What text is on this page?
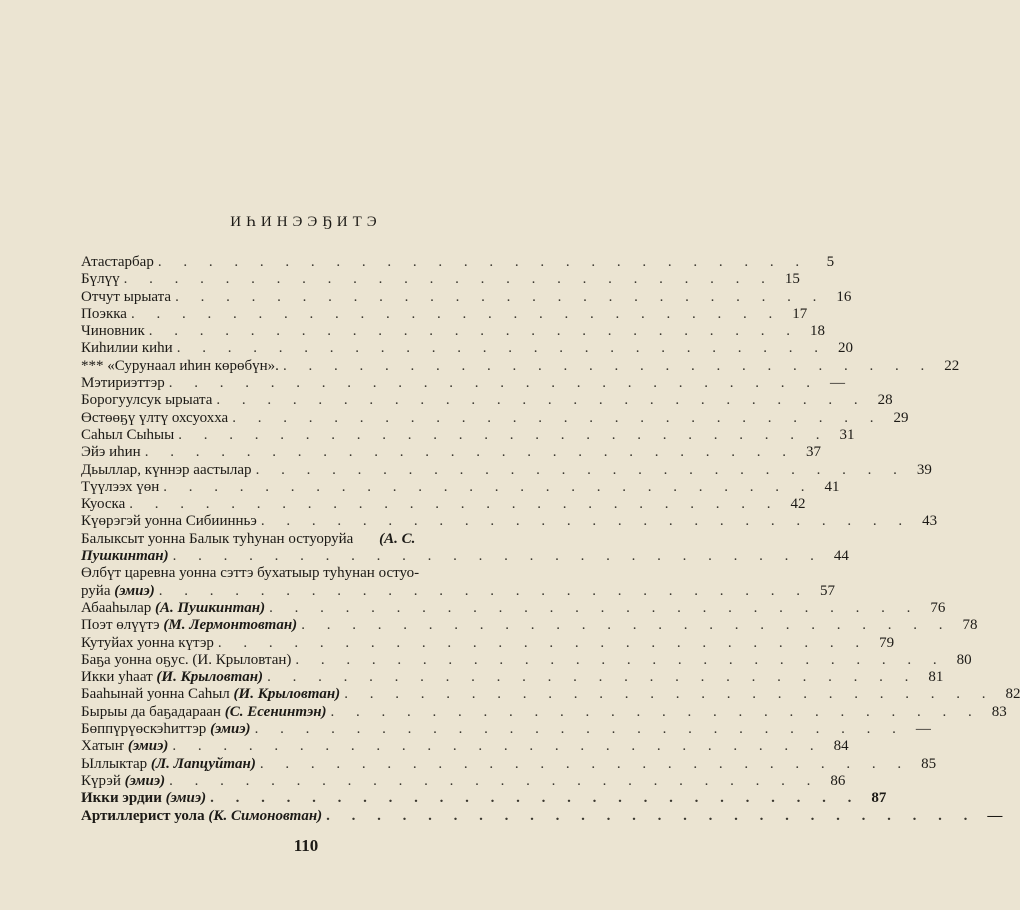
ИҺИНЭЭҔИТЭ
Атастарбар . . . . . . . . . . . . . . . . . . . . . . . . . .	5
Бүлүү . . . . . . . . . . . . . . . . . . . . . . . . . . 15
Отчут ырыата . . . . . . . . . . . . . . . . . . . . . . . . . . 16
Поэкка . . . . . . . . . . . . . . . . . . . . . . . . . . 17
Чиновник . . . . . . . . . . . . . . . . . . . . . . . . . . 18
Киһилии киһи . . . . . . . . . . . . . . . . . . . . . . . . . . 20
*** «Сурунаал иһин көрөбүн». . . . . . . . . . . . . . . . . . . . . . . . . . . 22
Мэтириэттэр . . . . . . . . . . . . . . . . . . . . . . . . . . —
Борогуулсук ырыата . . . . . . . . . . . . . . . . . . . . . . . . . . 28
Өстөөҕү үлтү охсуохха . . . . . . . . . . . . . . . . . . . . . . . . . . 29
Саһыл Сыһыы . . . . . . . . . . . . . . . . . . . . . . . . . . 31
Эйэ иһин . . . . . . . . . . . . . . . . . . . . . . . . . . 37
Дьыллар, күннэр аастылар . . . . . . . . . . . . . . . . . . . . . . . . . . 39
Түүлээх үөн . . . . . . . . . . . . . . . . . . . . . . . . . . 41
Куоска . . . . . . . . . . . . . . . . . . . . . . . . . . 42
Күөрэгэй уонна Сибиинньэ . . . . . . . . . . . . . . . . . . . . . . . . . . 43
Балыксыт уонна Балык туһунан остуоруйа (А. С.
Пушкинтан) . . . . . . . . . . . . . . . . . . . . . . . . . . 44
Өлбүт царевна уонна сэттэ бухатыыр туһунан остуо-
руйа (эмиэ) . . . . . . . . . . . . . . . . . . . . . . . . . . 57
Абааһылар (А. Пушкинтан) . . . . . . . . . . . . . . . . . . . . . . . . . . 76
Поэт өлүүтэ (М. Лермонтовтан) . . . . . . . . . . . . . . . . . . . . . . . . . . 78
Кутуйах уонна күтэр . . . . . . . . . . . . . . . . . . . . . . . . . . 79
Баҕа уонна оҕус. (И. Крыловтан) . . . . . . . . . . . . . . . . . . . . . . . . . . 80
Икки уһаат (И. Крыловтан) . . . . . . . . . . . . . . . . . . . . . . . . . . 81
Бааһынай уонна Саһыл (И. Крыловтан) . . . . . . . . . . . . . . . . . . . . . . . . . . 82
Бырыы да баҕадараан (С. Есенинтэн) . . . . . . . . . . . . . . . . . . . . . . . . . . 83
Бөппүрүөскэһиттэр (эмиэ) . . . . . . . . . . . . . . . . . . . . . . . . . . —
Хатыҥ (эмиэ) . . . . . . . . . . . . . . . . . . . . . . . . . . 84
Ыллыктар (Л. Лапцуйтан) . . . . . . . . . . . . . . . . . . . . . . . . . . 85
Күрэй (эмиэ) . . . . . . . . . . . . . . . . . . . . . . . . . . 86
Икки эрдии (эмиэ) . . . . . . . . . . . . . . . . . . . . . . . . . . 87
Артиллерист уола (К. Симоновтан) . . . . . . . . . . . . . . . . . . . . . . . . . . —
110
